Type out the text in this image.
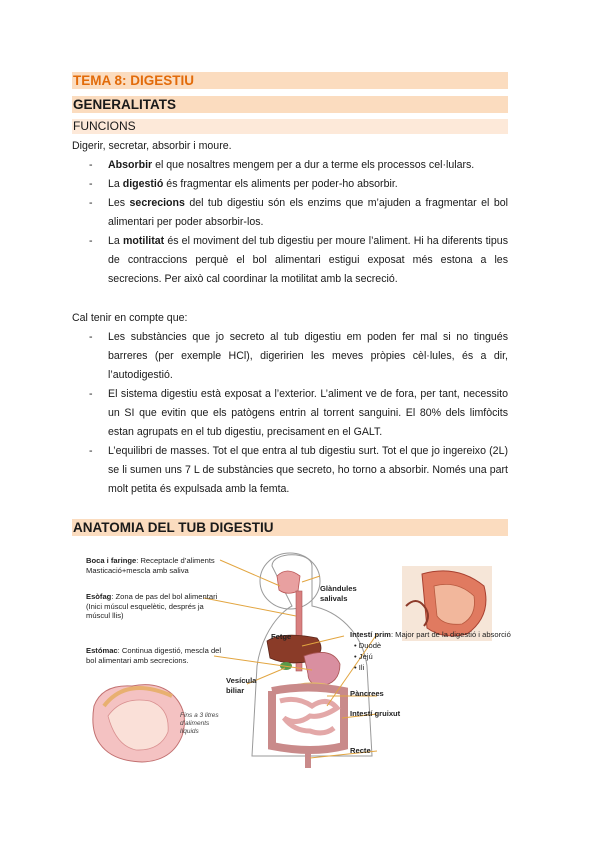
TEMA 8: DIGESTIU
GENERALITATS
FUNCIONS
Digerir, secretar, absorbir i moure.
- Absorbir el que nosaltres mengem per a dur a terme els processos cel·lulars.
- La digestió és fragmentar els aliments per poder-ho absorbir.
- Les secrecions del tub digestiu són els enzims que m’ajuden a fragmentar el bol alimentari per poder absorbir-los.
- La motilitat és el moviment del tub digestiu per moure l’aliment. Hi ha diferents tipus de contraccions perquè el bol alimentari estigui exposat més estona a les secrecions. Per això cal coordinar la motilitat amb la secreció.
Cal tenir en compte que:
- Les substàncies que jo secreto al tub digestiu em poden fer mal si no tingués barreres (per exemple HCl), digeririen les meves pròpies cèl·lules, és a dir, l’autodigestió.
- El sistema digestiu està exposat a l’exterior. L’aliment ve de fora, per tant, necessito un SI que evitin que els patògens entrin al torrent sanguini. El 80% dels limfòcits estan agrupats en el tub digestiu, precisament en el GALT.
- L’equilibri de masses. Tot el que entra al tub digestiu surt. Tot el que jo ingereixo (2L) se li sumen uns 7 L de substàncies que secreto, ho torno a absorbir. Només una part molt petita és expulsada amb la femta.
ANATOMIA DEL TUB DIGESTIU
Boca i faringe: Receptacle d’aliments
Masticació+mescla amb saliva
Esòfag: Zona de pas del bol alimentari
(Inici múscul esquelètic, després ja
múscul llis)
Estómac: Continua digestió, mescla del
bol alimentari amb secrecions.
Glàndules
salivals
Fetge
Vesícula
biliar
Intestí prim: Major part de la digestió i absorció
• Duodè
• Jejú
• Ili
Pàncrees
Intestí gruixut
Recte
Fins a 3 litres
d’aliments
líquids
